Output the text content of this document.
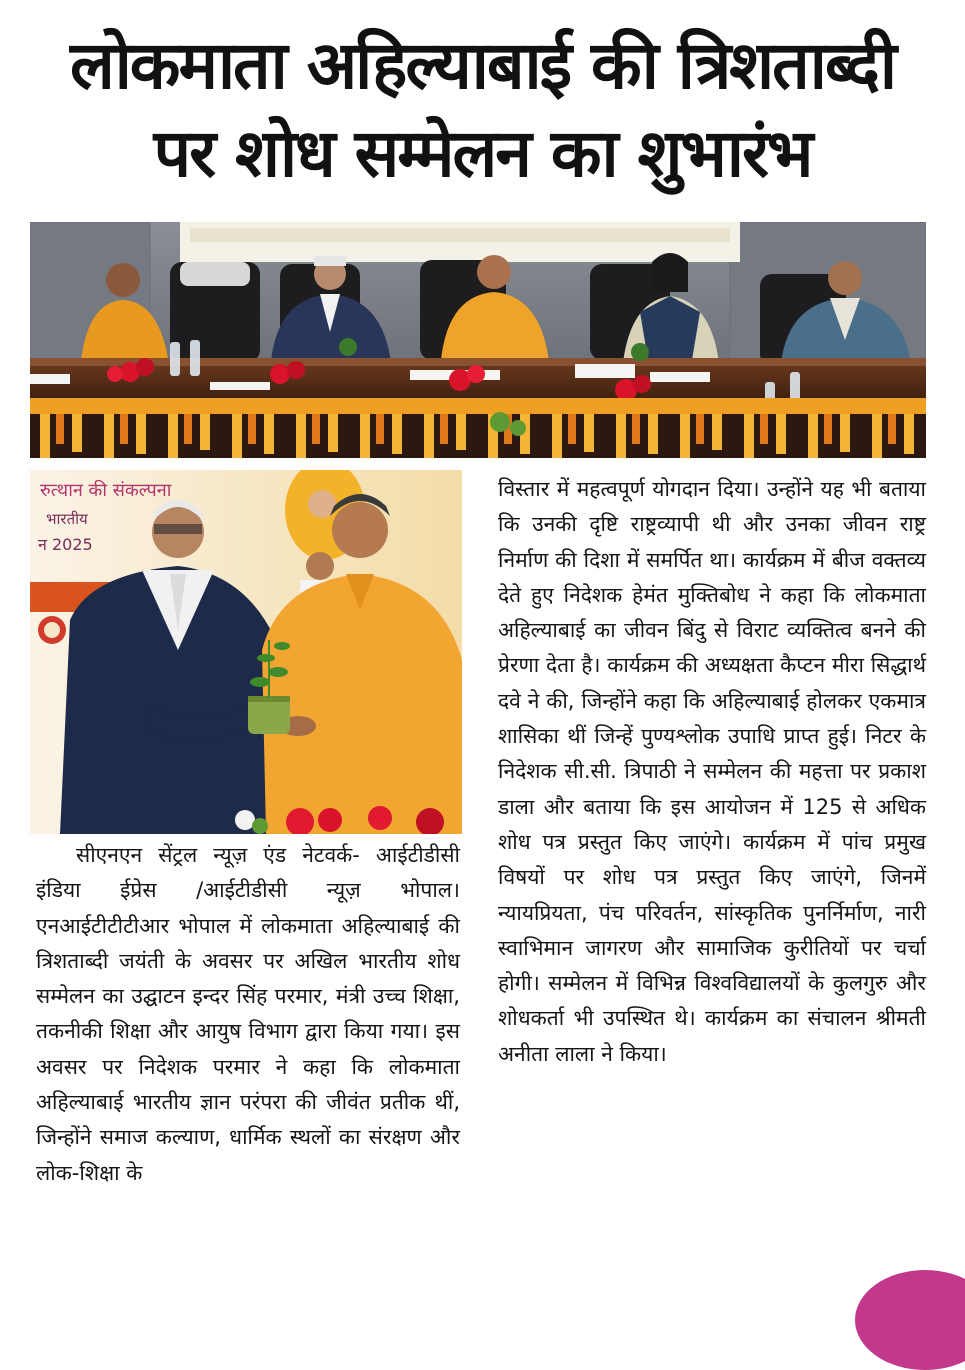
लोकमाता अहिल्याबाई की त्रिशताब्दी
पर शोध सम्मेलन का शुभारंभ
रुत्थान की संकल्पना
भारतीय
न 2025
सीएनएन सेंट्रल न्यूज़ एंड नेटवर्क- आईटीडीसी इंडिया ईप्रेस /आईटीडीसी न्यूज़ भोपाल। एनआईटीटीटीआर भोपाल में लोकमाता अहिल्याबाई की त्रिशताब्दी जयंती के अवसर पर अखिल भारतीय शोध सम्मेलन का उद्घाटन इन्दर सिंह परमार, मंत्री उच्च शिक्षा, तकनीकी शिक्षा और आयुष विभाग द्वारा किया गया। इस अवसर पर निदेशक परमार ने कहा कि लोकमाता अहिल्याबाई भारतीय ज्ञान परंपरा की जीवंत प्रतीक थीं, जिन्होंने समाज कल्याण, धार्मिक स्थलों का संरक्षण और लोक-शिक्षा के
विस्तार में महत्वपूर्ण योगदान दिया। उन्होंने यह भी बताया कि उनकी दृष्टि राष्ट्रव्यापी थी और उनका जीवन राष्ट्र निर्माण की दिशा में समर्पित था। कार्यक्रम में बीज वक्तव्य देते हुए निदेशक हेमंत मुक्तिबोध ने कहा कि लोकमाता अहिल्याबाई का जीवन बिंदु से विराट व्यक्तित्व बनने की प्रेरणा देता है। कार्यक्रम की अध्यक्षता कैप्टन मीरा सिद्धार्थ दवे ने की, जिन्होंने कहा कि अहिल्याबाई होलकर एकमात्र शासिका थीं जिन्हें पुण्यश्लोक उपाधि प्राप्त हुई। निटर के निदेशक सी.सी. त्रिपाठी ने सम्मेलन की महत्ता पर प्रकाश डाला और बताया कि इस आयोजन में 125 से अधिक शोध पत्र प्रस्तुत किए जाएंगे। कार्यक्रम में पांच प्रमुख विषयों पर शोध पत्र प्रस्तुत किए जाएंगे, जिनमें न्यायप्रियता, पंच परिवर्तन, सांस्कृतिक पुनर्निर्माण, नारी स्वाभिमान जागरण और सामाजिक कुरीतियों पर चर्चा होगी। सम्मेलन में विभिन्न विश्वविद्यालयों के कुलगुरु और शोधकर्ता भी उपस्थित थे। कार्यक्रम का संचालन श्रीमती अनीता लाला ने किया।
